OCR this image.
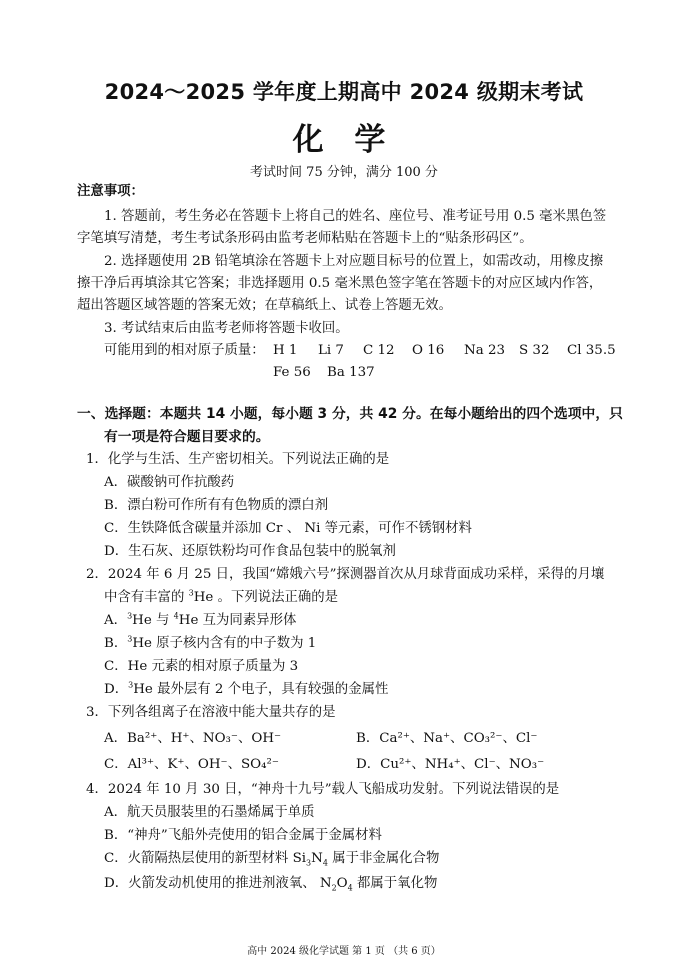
2024～2025 学年度上期高中 2024 级期末考试
化 学
考试时间 75 分钟，满分 100 分
注意事项：
1. 答题前，考生务必在答题卡上将自己的姓名、座位号、准考证号用 0.5 毫米黑色签
字笔填写清楚，考生考试条形码由监考老师粘贴在答题卡上的“贴条形码区”。
2. 选择题使用 2B 铅笔填涂在答题卡上对应题目标号的位置上，如需改动，用橡皮擦
擦干净后再填涂其它答案；非选择题用 0.5 毫米黑色签字笔在答题卡的对应区域内作答，
超出答题区域答题的答案无效；在草稿纸上、试卷上答题无效。
3. 考试结束后由监考老师将答题卡收回。
可能用到的相对原子质量： H 1 Li 7 C 12 O 16 Na 23 S 32 Cl 35.5
Fe 56 Ba 137
一、选择题：本题共 14 小题，每小题 3 分，共 42 分。在每小题给出的四个选项中，只
有一项是符合题目要求的。
1．化学与生活、生产密切相关。下列说法正确的是
A．碳酸钠可作抗酸药
B．漂白粉可作所有有色物质的漂白剂
C．生铁降低含碳量并添加 Cr 、 Ni 等元素，可作不锈钢材料
D．生石灰、还原铁粉均可作食品包装中的脱氧剂
2．2024 年 6 月 25 日，我国“嫦娥六号”探测器首次从月球背面成功采样，采得的月壤
中含有丰富的 $^3$He 。下列说法正确的是
A．$^3$He 与 $^4$He 互为同素异形体
B．$^3$He 原子核内含有的中子数为 1
C．He 元素的相对原子质量为 3
D．$^3$He 最外层有 2 个电子，具有较强的金属性
3．下列各组离子在溶液中能大量共存的是
A．Ba²⁺、H⁺、NO₃⁻、OH⁻	B．Ca²⁺、Na⁺、CO₃²⁻、Cl⁻
C．Al³⁺、K⁺、OH⁻、SO₄²⁻	D．Cu²⁺、NH₄⁺、Cl⁻、NO₃⁻
4．2024 年 10 月 30 日，“神舟十九号”载人飞船成功发射。下列说法错误的是
A．航天员服装里的石墨烯属于单质
B．“神舟”飞船外壳使用的铝合金属于金属材料
C．火箭隔热层使用的新型材料 $Si_3N_4$ 属于非金属化合物
D．火箭发动机使用的推进剂液氧、 $N_2O_4$ 都属于氧化物
高中 2024 级化学试题 第 1 页 （共 6 页）
